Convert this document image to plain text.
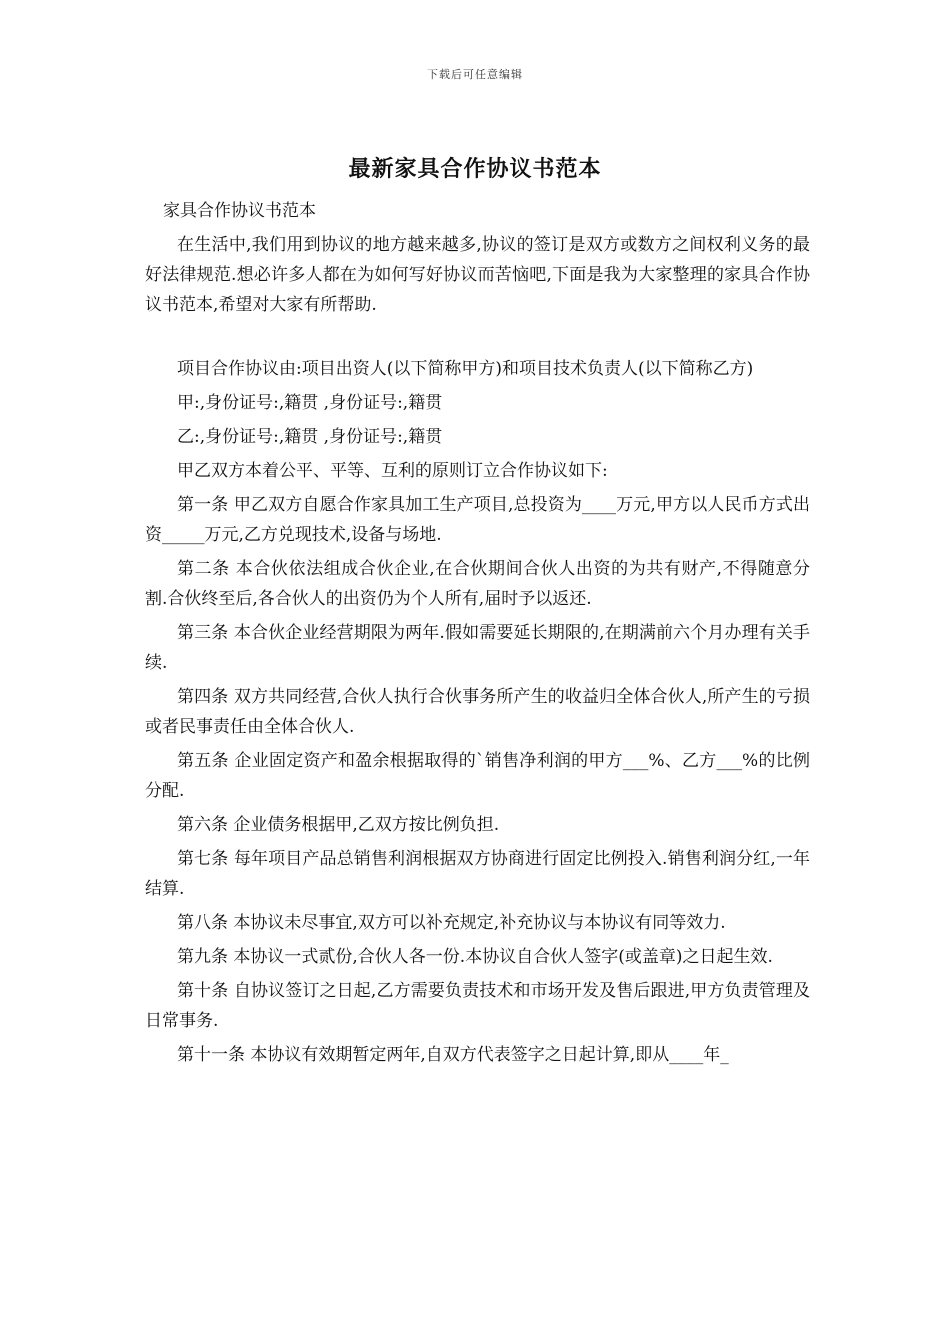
下载后可任意编辑
最新家具合作协议书范本

家具合作协议书范本

在生活中,我们用到协议的地方越来越多,协议的签订是双方或数方之间权利义务的最好法律规范.想必许多人都在为如何写好协议而苦恼吧,下面是我为大家整理的家具合作协议书范本,希望对大家有所帮助.

项目合作协议由:项目出资人(以下简称甲方)和项目技术负责人(以下简称乙方)

甲:,身份证号:,籍贯 ,身份证号:,籍贯

乙:,身份证号:,籍贯 ,身份证号:,籍贯

甲乙双方本着公平、平等、互利的原则订立合作协议如下:

第一条 甲乙双方自愿合作家具加工生产项目,总投资为____万元,甲方以人民币方式出资_____万元,乙方兑现技术,设备与场地.

第二条 本合伙依法组成合伙企业,在合伙期间合伙人出资的为共有财产,不得随意分割.合伙终至后,各合伙人的出资仍为个人所有,届时予以返还.

第三条 本合伙企业经营期限为两年.假如需要延长期限的,在期满前六个月办理有关手续.

第四条 双方共同经营,合伙人执行合伙事务所产生的收益归全体合伙人,所产生的亏损或者民事责任由全体合伙人.

第五条 企业固定资产和盈余根据取得的`销售净利润的甲方___%、乙方___%的比例分配.

第六条 企业债务根据甲,乙双方按比例负担.

第七条 每年项目产品总销售利润根据双方协商进行固定比例投入.销售利润分红,一年结算.

第八条 本协议未尽事宜,双方可以补充规定,补充协议与本协议有同等效力.

第九条 本协议一式贰份,合伙人各一份.本协议自合伙人签字(或盖章)之日起生效.

第十条 自协议签订之日起,乙方需要负责技术和市场开发及售后跟进,甲方负责管理及日常事务.

第十一条 本协议有效期暂定两年,自双方代表签字之日起计算,即从____年_
